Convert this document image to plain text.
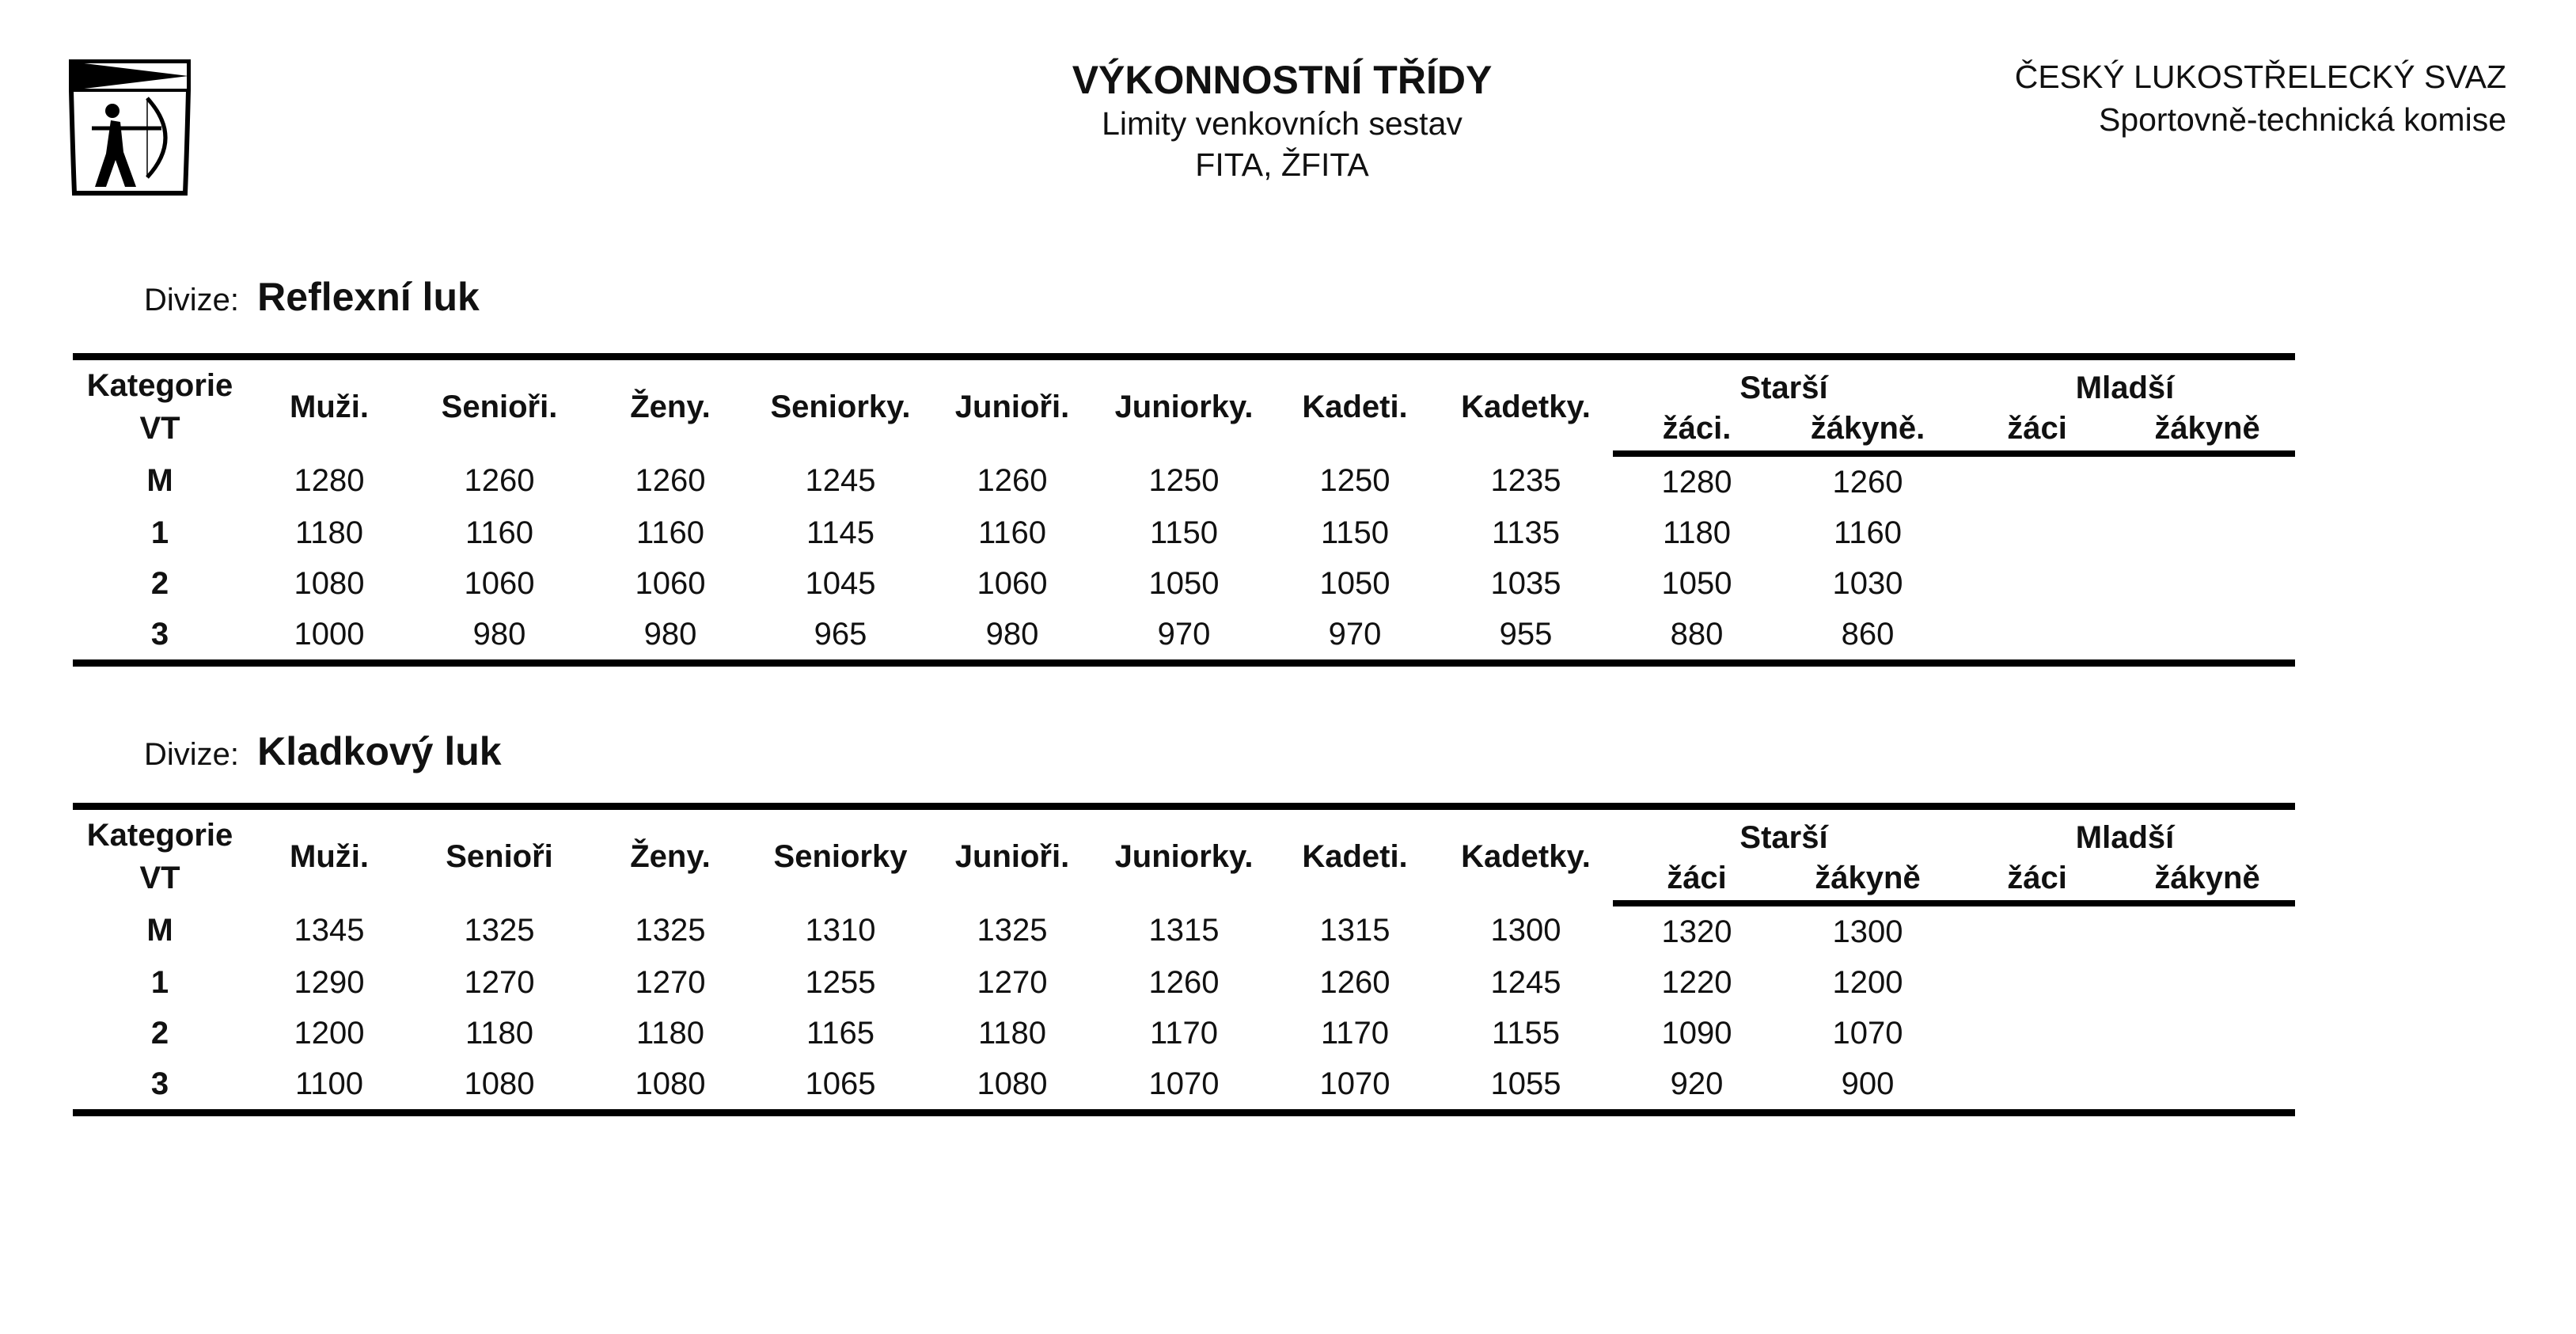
VÝKONNOSTNÍ TŘÍDY
Limity venkovních sestav
FITA, ŽFITA
ČESKÝ LUKOSTŘELECKÝ SVAZ
Sportovně-technická komise
Divize: Reflexní luk
Kategorie
VT	Muži.	Senioři.	Ženy.	Seniorky.	Junioři.	Juniorky.	Kadeti.	Kadetky.	Starší		Mladší	
									žáci.	žákyně.	žáci	žákyně
M	1280	1260	1260	1245	1260	1250	1250	1235	1280	1260		
1	1180	1160	1160	1145	1160	1150	1150	1135	1180	1160		
2	1080	1060	1060	1045	1060	1050	1050	1035	1050	1030		
3	1000	980	980	965	980	970	970	955	880	860		
Divize: Kladkový luk
Kategorie
VT	Muži.	Senioři	Ženy.	Seniorky	Junioři.	Juniorky.	Kadeti.	Kadetky.	Starší		Mladší	
									žáci	žákyně	žáci	žákyně
M	1345	1325	1325	1310	1325	1315	1315	1300	1320	1300		
1	1290	1270	1270	1255	1270	1260	1260	1245	1220	1200		
2	1200	1180	1180	1165	1180	1170	1170	1155	1090	1070		
3	1100	1080	1080	1065	1080	1070	1070	1055	920	900		
